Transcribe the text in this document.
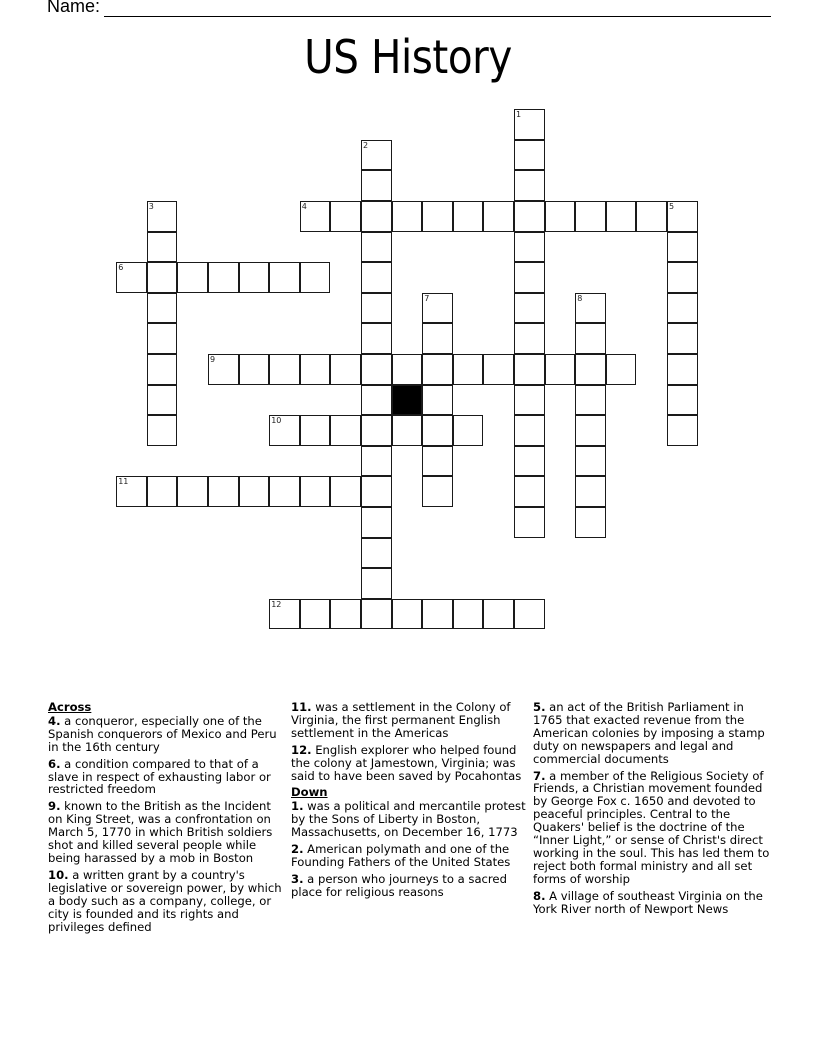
Name:
US History
1
2
3	4	5
6
7	8
9
10
11
12
Across
4. a conqueror, especially one of the Spanish conquerors of Mexico and Peru in the 16th century
6. a condition compared to that of a slave in respect of exhausting labor or restricted freedom
9. known to the British as the Incident on King Street, was a confrontation on March 5, 1770 in which British soldiers shot and killed several people while being harassed by a mob in Boston
10. a written grant by a country's legislative or sovereign power, by which a body such as a company, college, or city is founded and its rights and privileges defined
11. was a settlement in the Colony of Virginia, the first permanent English settlement in the Americas
12. English explorer who helped found the colony at Jamestown, Virginia; was said to have been saved by Pocahontas
Down
1. was a political and mercantile protest by the Sons of Liberty in Boston, Massachusetts, on December 16, 1773
2. American polymath and one of the Founding Fathers of the United States
3. a person who journeys to a sacred place for religious reasons
5. an act of the British Parliament in 1765 that exacted revenue from the American colonies by imposing a stamp duty on newspapers and legal and commercial documents
7. a member of the Religious Society of Friends, a Christian movement founded by George Fox c. 1650 and devoted to peaceful principles. Central to the Quakers' belief is the doctrine of the “Inner Light,” or sense of Christ's direct working in the soul. This has led them to reject both formal ministry and all set forms of worship
8. A village of southeast Virginia on the York River north of Newport News
